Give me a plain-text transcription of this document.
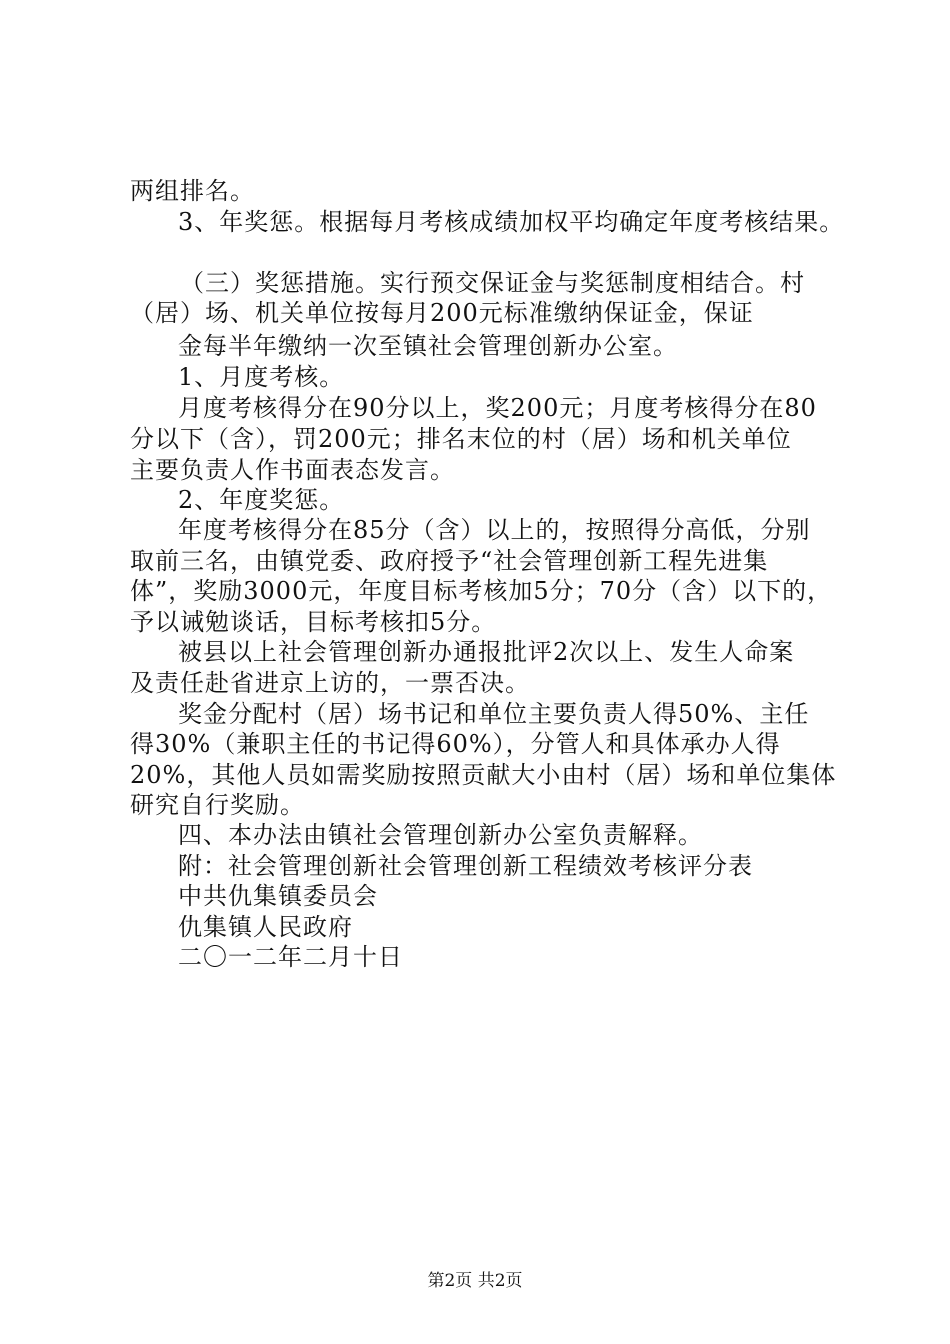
两组排名。
3、年奖惩。根据每月考核成绩加权平均确定年度考核结果。
（三）奖惩措施。实行预交保证金与奖惩制度相结合。村
（居）场、机关单位按每月200元标准缴纳保证金，保证
金每半年缴纳一次至镇社会管理创新办公室。
1、月度考核。
月度考核得分在90分以上，奖200元；月度考核得分在80
分以下（含），罚200元；排名末位的村（居）场和机关单位
主要负责人作书面表态发言。
2、年度奖惩。
年度考核得分在85分（含）以上的，按照得分高低，分别
取前三名，由镇党委、政府授予“社会管理创新工程先进集
体”，奖励3000元，年度目标考核加5分；70分（含）以下的，
予以诫勉谈话，目标考核扣5分。
被县以上社会管理创新办通报批评2次以上、发生人命案
及责任赴省进京上访的，一票否决。
奖金分配村（居）场书记和单位主要负责人得50%、主任
得30%（兼职主任的书记得60%），分管人和具体承办人得
20%，其他人员如需奖励按照贡献大小由村（居）场和单位集体
研究自行奖励。
四、本办法由镇社会管理创新办公室负责解释。
附：社会管理创新社会管理创新工程绩效考核评分表
中共仇集镇委员会
仇集镇人民政府
二〇一二年二月十日
第2页 共2页
